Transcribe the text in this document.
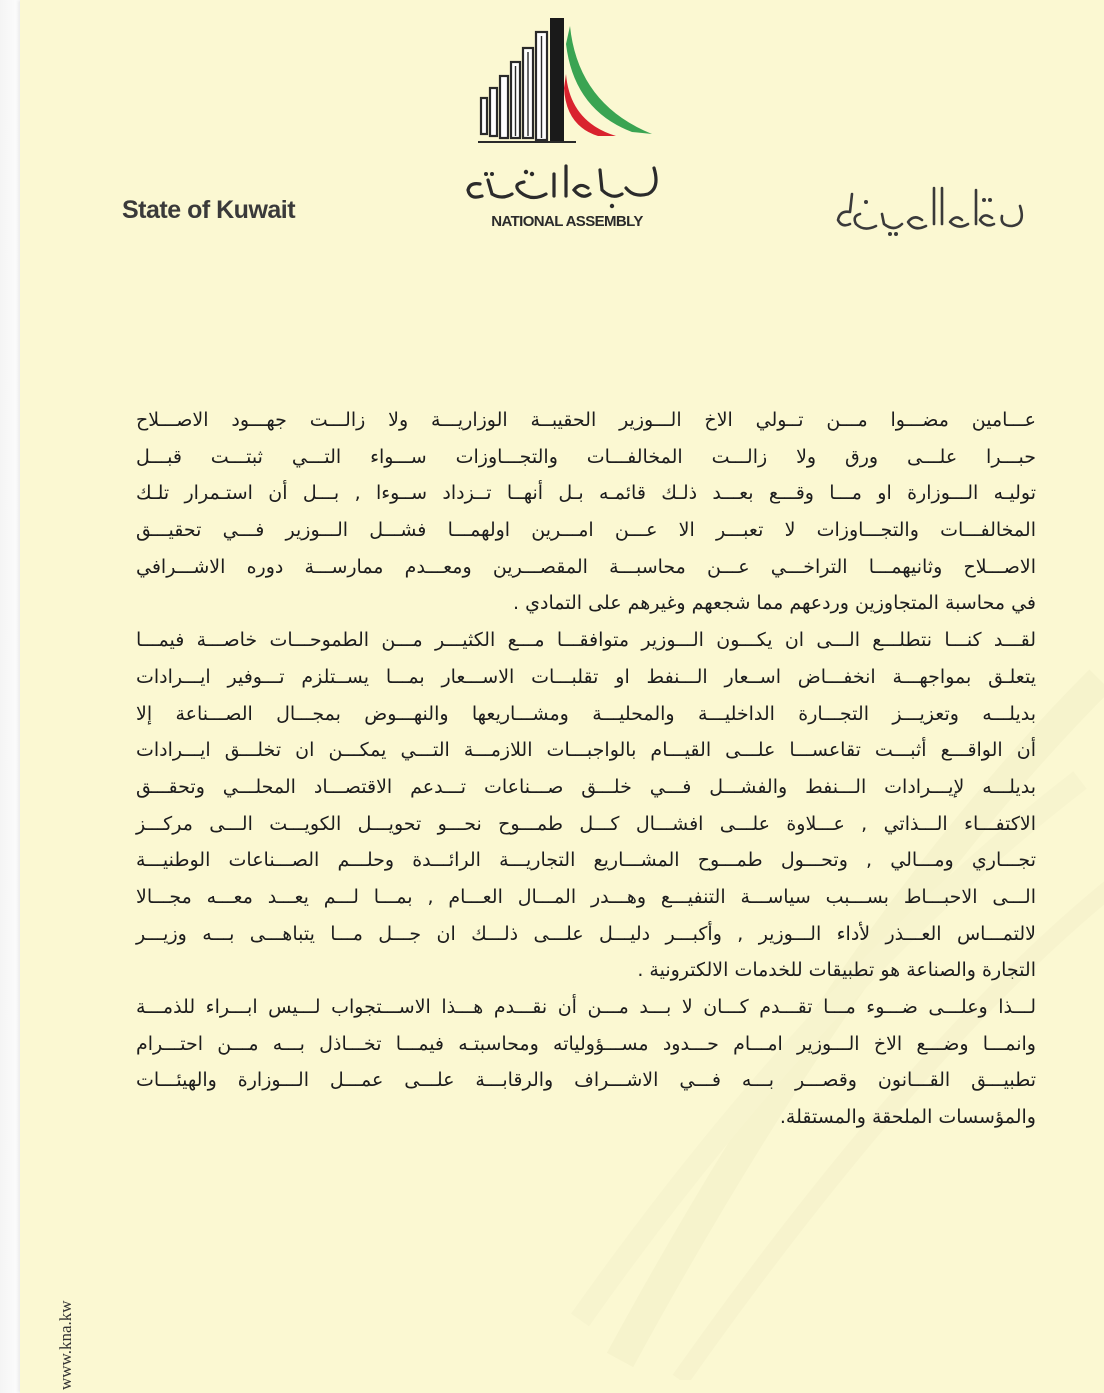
NATIONAL ASSEMBLY
State of Kuwait
عـــامين مضـــوا مـــن تــولي الاخ الـــوزير الحقيبــة الوزاريـــة ولا زالـــت جهـــود الاصـــلاح
حبـــرا علـــى ورق ولا زالـــت المخالفـــات والتجـــاوزات ســـواء التـــي ثبتـــت قبـــل
توليـه الـــوزارة او مـــا وقـــع بعـــد ذلـك قائمـه بـل أنهــا تــزداد ســوءا , بـــل أن استـمرار تلـك
المخالفـــات والتجـــاوزات لا تعبـــر الا عـــن امـــرين اولهمـــا فشـــل الـــوزير فـــي تحقيـــق
الاصـــلاح وثانيهمـــا التراخـــي عـــن محاسبـــة المقصـــرين ومعـــدم ممارســـة دوره الاشـــرافي
في محاسبة المتجاوزين وردعهم مما شجعهم وغيرهم على التمادي .
لقـــد كنـــا نتطلـــع الـــى ان يكـــون الـــوزير متوافقـــا مـــع الكثيـــر مـــن الطموحـــات خاصـــة فيمـــا
يتعلـق بمواجهـــة انخفـــاض اســعار الـــنفط او تقلبـــات الاســـعار بمـــا يســتلزم تـــوفير ايـــرادات
بديلـــه وتعزيـــز التجـــارة الداخليـــة والمحليـــة ومشـــاريعها والنهـــوض بمجـــال الصـــناعة إلا
أن الواقـــع أثبـــت تقاعســـا علـــى القيـــام بالواجبـــات اللازمـــة التـــي يمكـــن ان تخلـــق ايـــرادات
بديلـــه لإيـــرادات الـــنفط والفشـــل فـــي خلـــق صـــناعات تـــدعم الاقتصـــاد المحلـــي وتحقـــق
الاكتفـــاء الـــذاتي , عـــلاوة علـــى افشـــال كـــل طمـــوح نحـــو تحويـــل الكويـــت الـــى مركـــز
تجـــاري ومـــالي , وتحـــول طمـــوح المشـــاريع التجاريـــة الرائـــدة وحلـــم الصـــناعات الوطنيـــة
الـــى الاحبـــاط بســـبب سياســـة التنفيـــع وهـــدر المـــال العـــام , بمـــا لـــم يعـــد معـــه مجـــالا
لالتمـــاس العـــذر لأداء الـــوزير , وأكبـــر دليـــل علـــى ذلـــك ان جـــل مـــا يتباهـــى بـــه وزيـــر
التجارة والصناعة هو تطبيقات للخدمات الالكترونية .
لـــذا وعلـــى ضـــوء مـــا تقـــدم كـــان لا بـــد مـــن أن نقـــدم هـــذا الاســـتجواب لـــيس ابـــراء للذمـــة
وانمـــا وضـــع الاخ الـــوزير امـــام حـــدود مســـؤولياته ومحاسبتـه فيمـــا تخـــاذل بـــه مـــن احتـــرام
تطبيـــق القـــانون وقصـــر بـــه فـــي الاشـــراف والرقابـــة علـــى عمـــل الـــوزارة والهيئـــات
والمؤسسات الملحقة والمستقلة.
www.kna.kw
